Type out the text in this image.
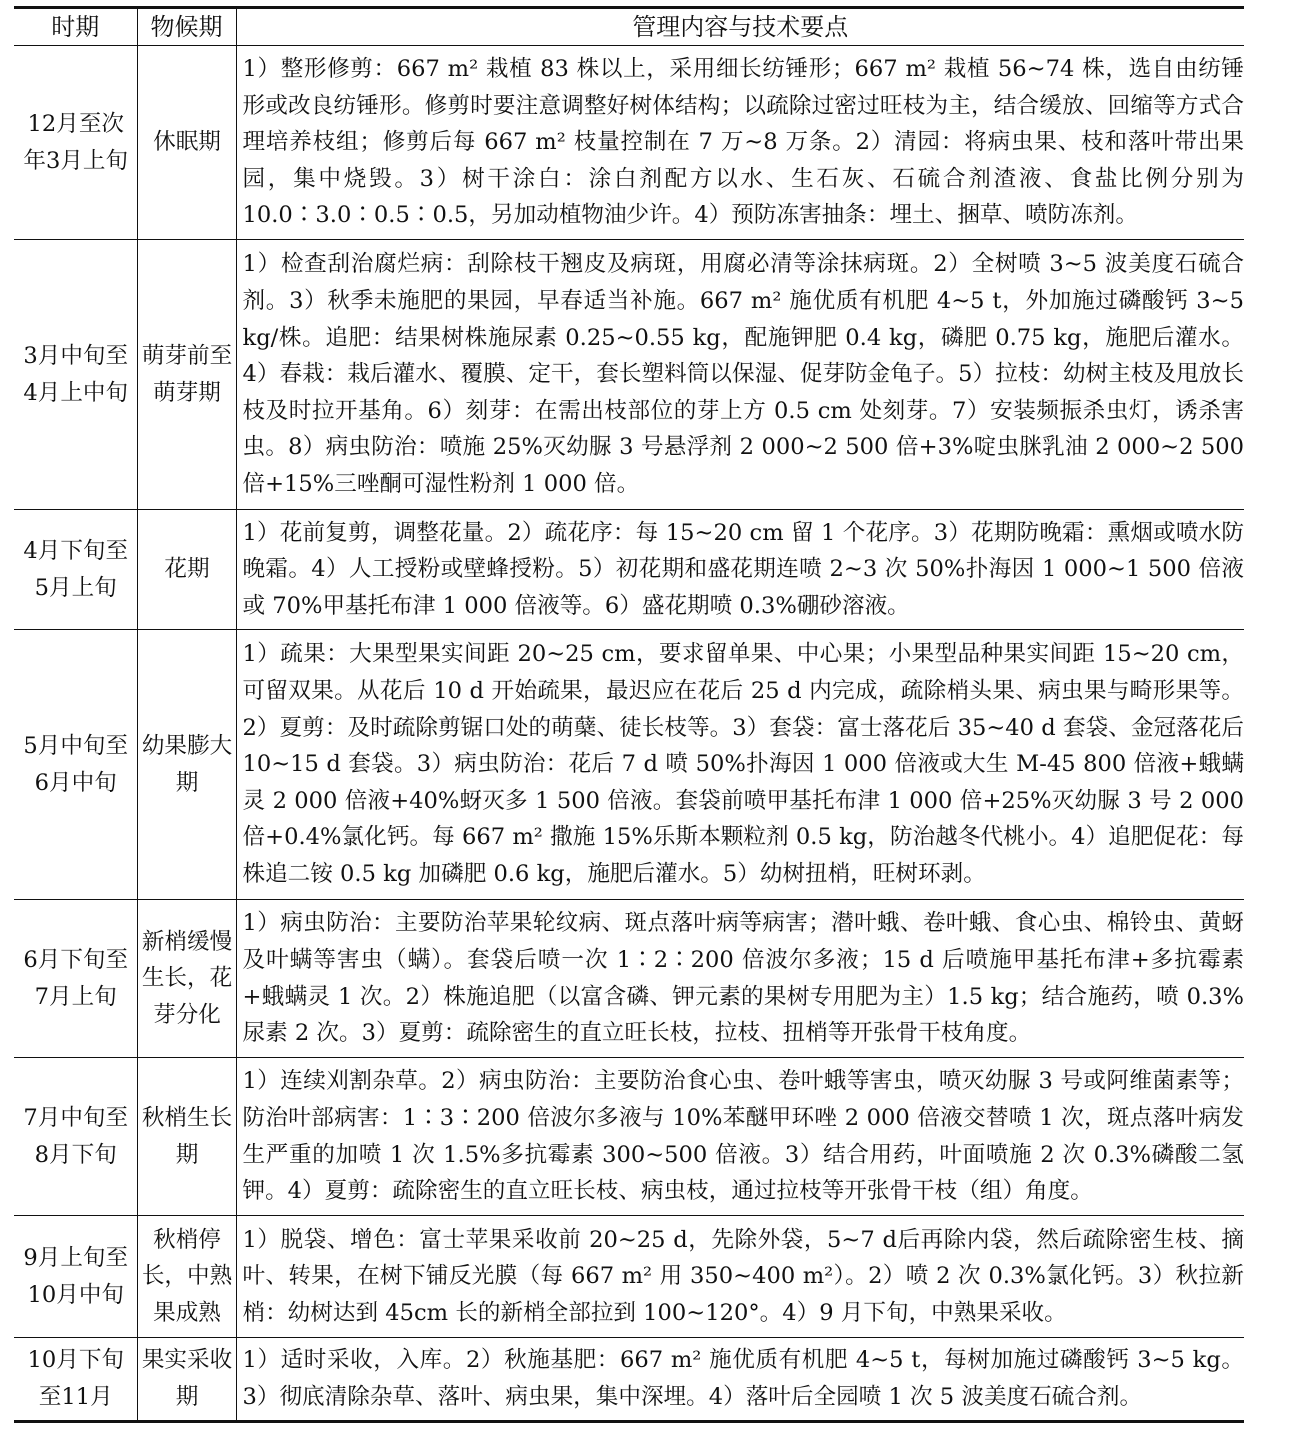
时期	物候期	管理内容与技术要点
12月至次年3月上旬	休眠期	1）整形修剪：667 m² 栽植 83 株以上，采用细长纺锤形；667 m² 栽植 56~74 株，选自由纺锤形或改良纺锤形。修剪时要注意调整好树体结构；以疏除过密过旺枝为主，结合缓放、回缩等方式合理培养枝组；修剪后每 667 m² 枝量控制在 7 万~8 万条。2）清园：将病虫果、枝和落叶带出果园，集中烧毁。3）树干涂白：涂白剂配方以水、生石灰、石硫合剂渣液、食盐比例分别为 10.0∶3.0∶0.5∶0.5，另加动植物油少许。4）预防冻害抽条：埋土、捆草、喷防冻剂。
3月中旬至4月上中旬	萌芽前至萌芽期	1）检查刮治腐烂病：刮除枝干翘皮及病斑，用腐必清等涂抹病斑。2）全树喷 3~5 波美度石硫合剂。3）秋季未施肥的果园，早春适当补施。667 m² 施优质有机肥 4~5 t，外加施过磷酸钙 3~5 kg/株。追肥：结果树株施尿素 0.25~0.55 kg，配施钾肥 0.4 kg，磷肥 0.75 kg，施肥后灌水。4）春栽：栽后灌水、覆膜、定干，套长塑料筒以保湿、促芽防金龟子。5）拉枝：幼树主枝及甩放长枝及时拉开基角。6）刻芽：在需出枝部位的芽上方 0.5 cm 处刻芽。7）安装频振杀虫灯，诱杀害虫。8）病虫防治：喷施 25%灭幼脲 3 号悬浮剂 2 000~2 500 倍+3%啶虫脒乳油 2 000~2 500 倍+15%三唑酮可湿性粉剂 1 000 倍。
4月下旬至5月上旬	花期	1）花前复剪，调整花量。2）疏花序：每 15~20 cm 留 1 个花序。3）花期防晚霜：熏烟或喷水防晚霜。4）人工授粉或壁蜂授粉。5）初花期和盛花期连喷 2~3 次 50%扑海因 1 000~1 500 倍液或 70%甲基托布津 1 000 倍液等。6）盛花期喷 0.3%硼砂溶液。
5月中旬至6月中旬	幼果膨大期	1）疏果：大果型果实间距 20~25 cm，要求留单果、中心果；小果型品种果实间距 15~20 cm，可留双果。从花后 10 d 开始疏果，最迟应在花后 25 d 内完成，疏除梢头果、病虫果与畸形果等。2）夏剪：及时疏除剪锯口处的萌蘖、徒长枝等。3）套袋：富士落花后 35~40 d 套袋、金冠落花后 10~15 d 套袋。3）病虫防治：花后 7 d 喷 50%扑海因 1 000 倍液或大生 M-45 800 倍液+蛾螨灵 2 000 倍液+40%蚜灭多 1 500 倍液。套袋前喷甲基托布津 1 000 倍+25%灭幼脲 3 号 2 000 倍+0.4%氯化钙。每 667 m² 撒施 15%乐斯本颗粒剂 0.5 kg，防治越冬代桃小。4）追肥促花：每株追二铵 0.5 kg 加磷肥 0.6 kg，施肥后灌水。5）幼树扭梢，旺树环剥。
6月下旬至7月上旬	新梢缓慢生长，花芽分化	1）病虫防治：主要防治苹果轮纹病、斑点落叶病等病害；潜叶蛾、卷叶蛾、食心虫、棉铃虫、黄蚜及叶螨等害虫（螨）。套袋后喷一次 1∶2∶200 倍波尔多液；15 d 后喷施甲基托布津+多抗霉素+蛾螨灵 1 次。2）株施追肥（以富含磷、钾元素的果树专用肥为主）1.5 kg；结合施药，喷 0.3%尿素 2 次。3）夏剪：疏除密生的直立旺长枝，拉枝、扭梢等开张骨干枝角度。
7月中旬至8月下旬	秋梢生长期	1）连续刈割杂草。2）病虫防治：主要防治食心虫、卷叶蛾等害虫，喷灭幼脲 3 号或阿维菌素等；防治叶部病害：1∶3∶200 倍波尔多液与 10%苯醚甲环唑 2 000 倍液交替喷 1 次，斑点落叶病发生严重的加喷 1 次 1.5%多抗霉素 300~500 倍液。3）结合用药，叶面喷施 2 次 0.3%磷酸二氢钾。4）夏剪：疏除密生的直立旺长枝、病虫枝，通过拉枝等开张骨干枝（组）角度。
9月上旬至10月中旬	秋梢停长，中熟果成熟	1）脱袋、增色：富士苹果采收前 20~25 d，先除外袋，5~7 d后再除内袋，然后疏除密生枝、摘叶、转果，在树下铺反光膜（每 667 m² 用 350~400 m²）。2）喷 2 次 0.3%氯化钙。3）秋拉新梢：幼树达到 45cm 长的新梢全部拉到 100~120°。4）9 月下旬，中熟果采收。
10月下旬至11月	果实采收期	1）适时采收，入库。2）秋施基肥：667 m² 施优质有机肥 4~5 t，每树加施过磷酸钙 3~5 kg。3）彻底清除杂草、落叶、病虫果，集中深埋。4）落叶后全园喷 1 次 5 波美度石硫合剂。
